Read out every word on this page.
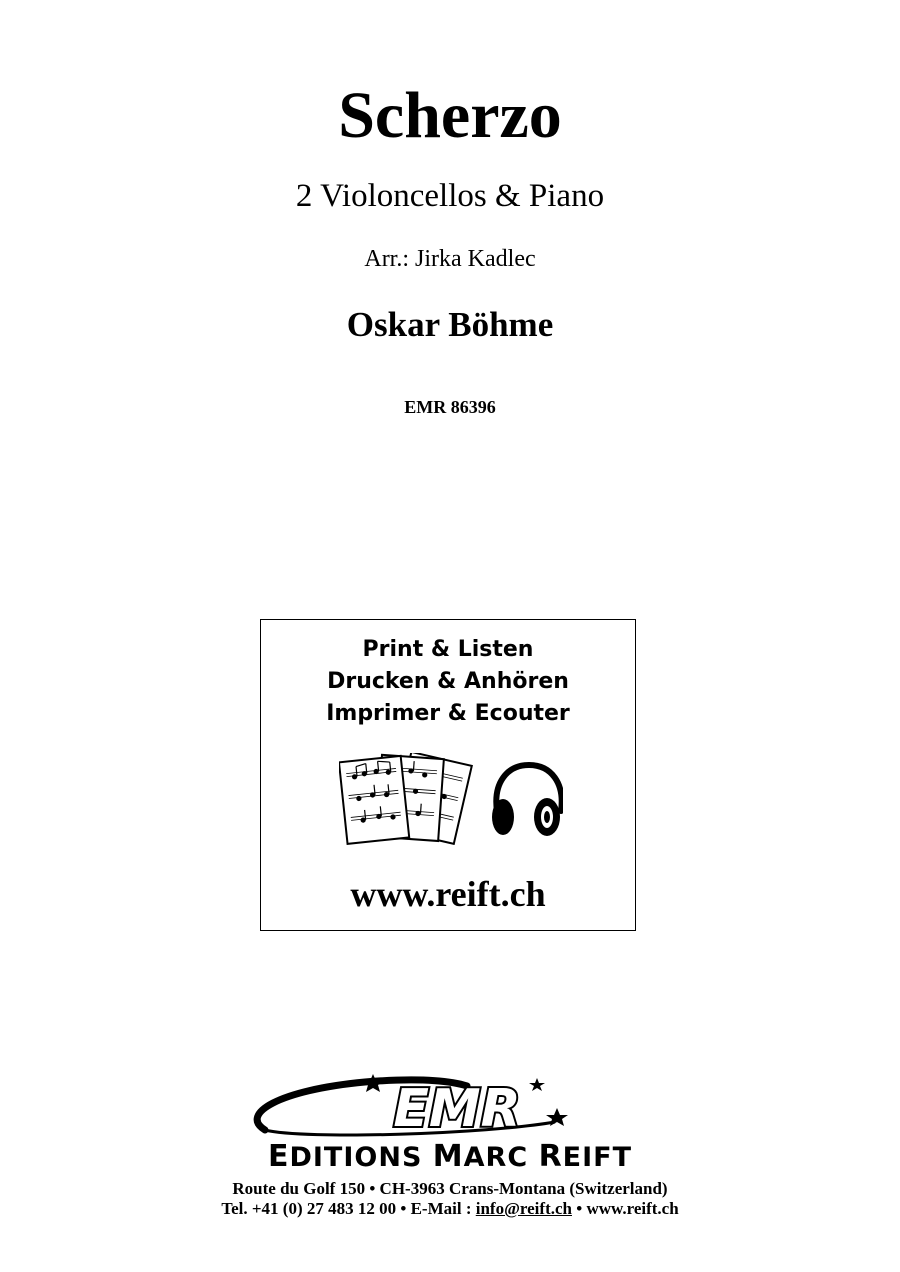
Scherzo
2 Violoncellos & Piano
Arr.: Jirka Kadlec
Oskar Böhme
EMR 86396
Print & Listen
Drucken & Anhören
Imprimer & Ecouter
www.reift.ch
EMR
EDITIONS MARC REIFT
Route du Golf 150 • CH-3963 Crans-Montana (Switzerland)
Tel. +41 (0) 27 483 12 00 • E-Mail : info@reift.ch • www.reift.ch
